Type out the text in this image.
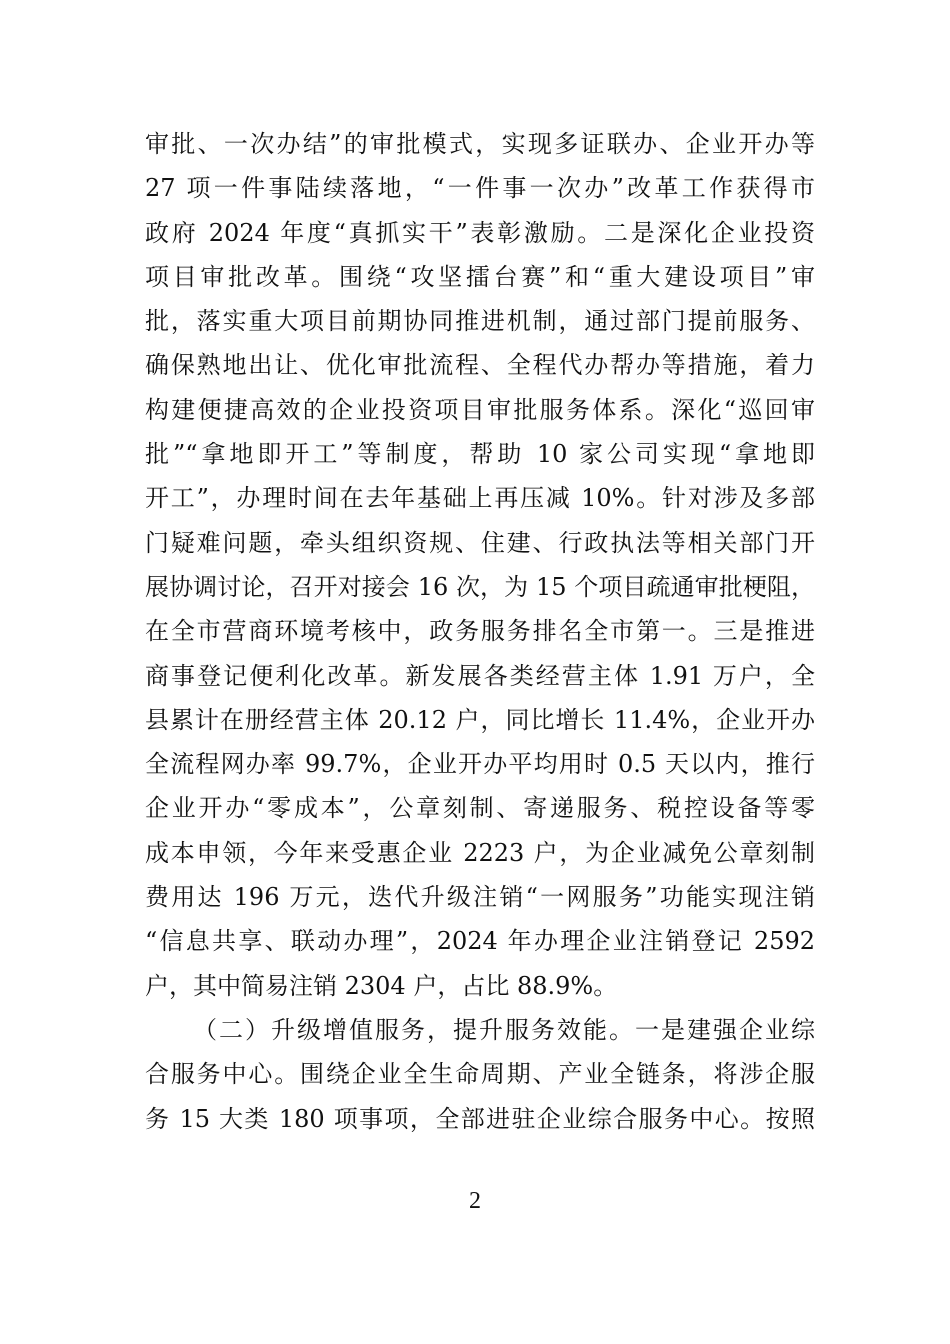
审批、一次办结”的审批模式，实现多证联办、企业开办等
27 项一件事陆续落地，“一件事一次办”改革工作获得市
政府 2024 年度“真抓实干”表彰激励。二是深化企业投资
项目审批改革。围绕“攻坚擂台赛”和“重大建设项目”审
批，落实重大项目前期协同推进机制，通过部门提前服务、
确保熟地出让、优化审批流程、全程代办帮办等措施，着力
构建便捷高效的企业投资项目审批服务体系。深化“巡回审
批”“拿地即开工”等制度，帮助 10 家公司实现“拿地即
开工”，办理时间在去年基础上再压减 10%。针对涉及多部
门疑难问题，牵头组织资规、住建、行政执法等相关部门开
展协调讨论，召开对接会 16 次，为 15 个项目疏通审批梗阻，
在全市营商环境考核中，政务服务排名全市第一。三是推进
商事登记便利化改革。新发展各类经营主体 1.91 万户，全
县累计在册经营主体 20.12 户，同比增长 11.4%，企业开办
全流程网办率 99.7%，企业开办平均用时 0.5 天以内，推行
企业开办“零成本”，公章刻制、寄递服务、税控设备等零
成本申领，今年来受惠企业 2223 户，为企业减免公章刻制
费用达 196 万元，迭代升级注销“一网服务”功能实现注销
“信息共享、联动办理”，2024 年办理企业注销登记 2592
户，其中简易注销 2304 户，占比 88.9%。
（二）升级增值服务，提升服务效能。一是建强企业综
合服务中心。围绕企业全生命周期、产业全链条，将涉企服
务 15 大类 180 项事项，全部进驻企业综合服务中心。按照
2
